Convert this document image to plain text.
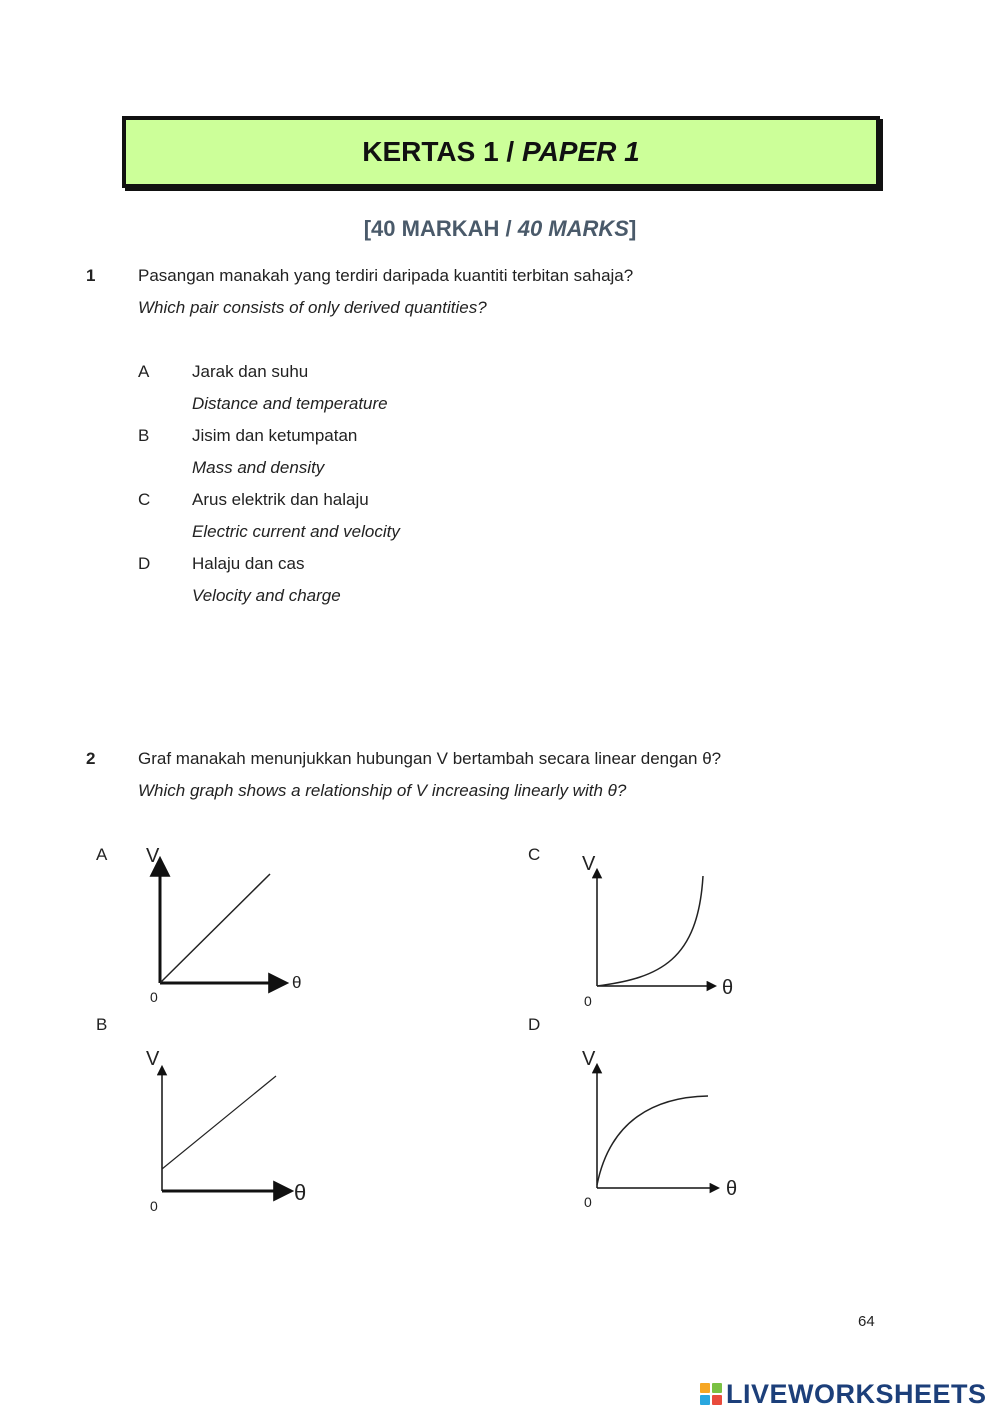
KERTAS 1 / PAPER 1
[40 MARKAH / 40 MARKS]
1	Pasangan manakah yang terdiri daripada kuantiti terbitan sahaja?
Which pair consists of only derived quantities?
A	Jarak dan suhu
Distance and temperature
B	Jisim dan ketumpatan
Mass and density
C Arus elektrik dan halaju
Electric current and velocity
D Halaju dan cas
Velocity and charge
2	Graf manakah menunjukkan hubungan V bertambah secara linear dengan θ?
Which graph shows a relationship of V increasing linearly with θ?
A	C
B	D
V
θ
0
V
θ
0
V
θ
0
V
θ
0
64
LIVEWORKSHEETS
